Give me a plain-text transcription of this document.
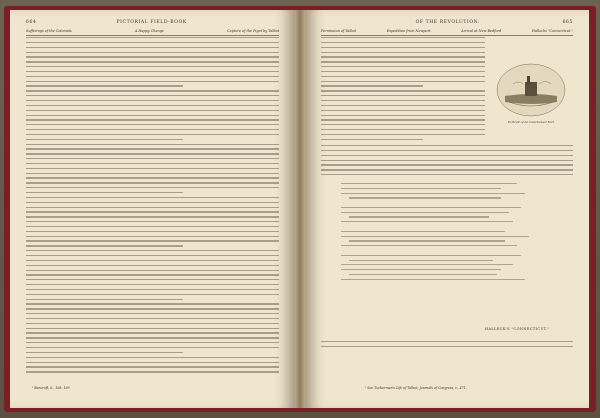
664	PICTORIAL FIELD-BOOK
Sufferings of the Colonists	A Happy Change	Capture of the Pigot by Talbot
¹ Bancroft, ii., 168, 169.
OF THE REVOLUTION.	665
Permission of Talbot	Expedition from Newport	Arrival at New Bedford	Hallecks "Connecticut."
Portrait of an Overlooked Fort
HALLECK'S "CONNECTICUT."
¹ See Tuckerman's Life of Talbot; Journals of Congress, v., 471.
